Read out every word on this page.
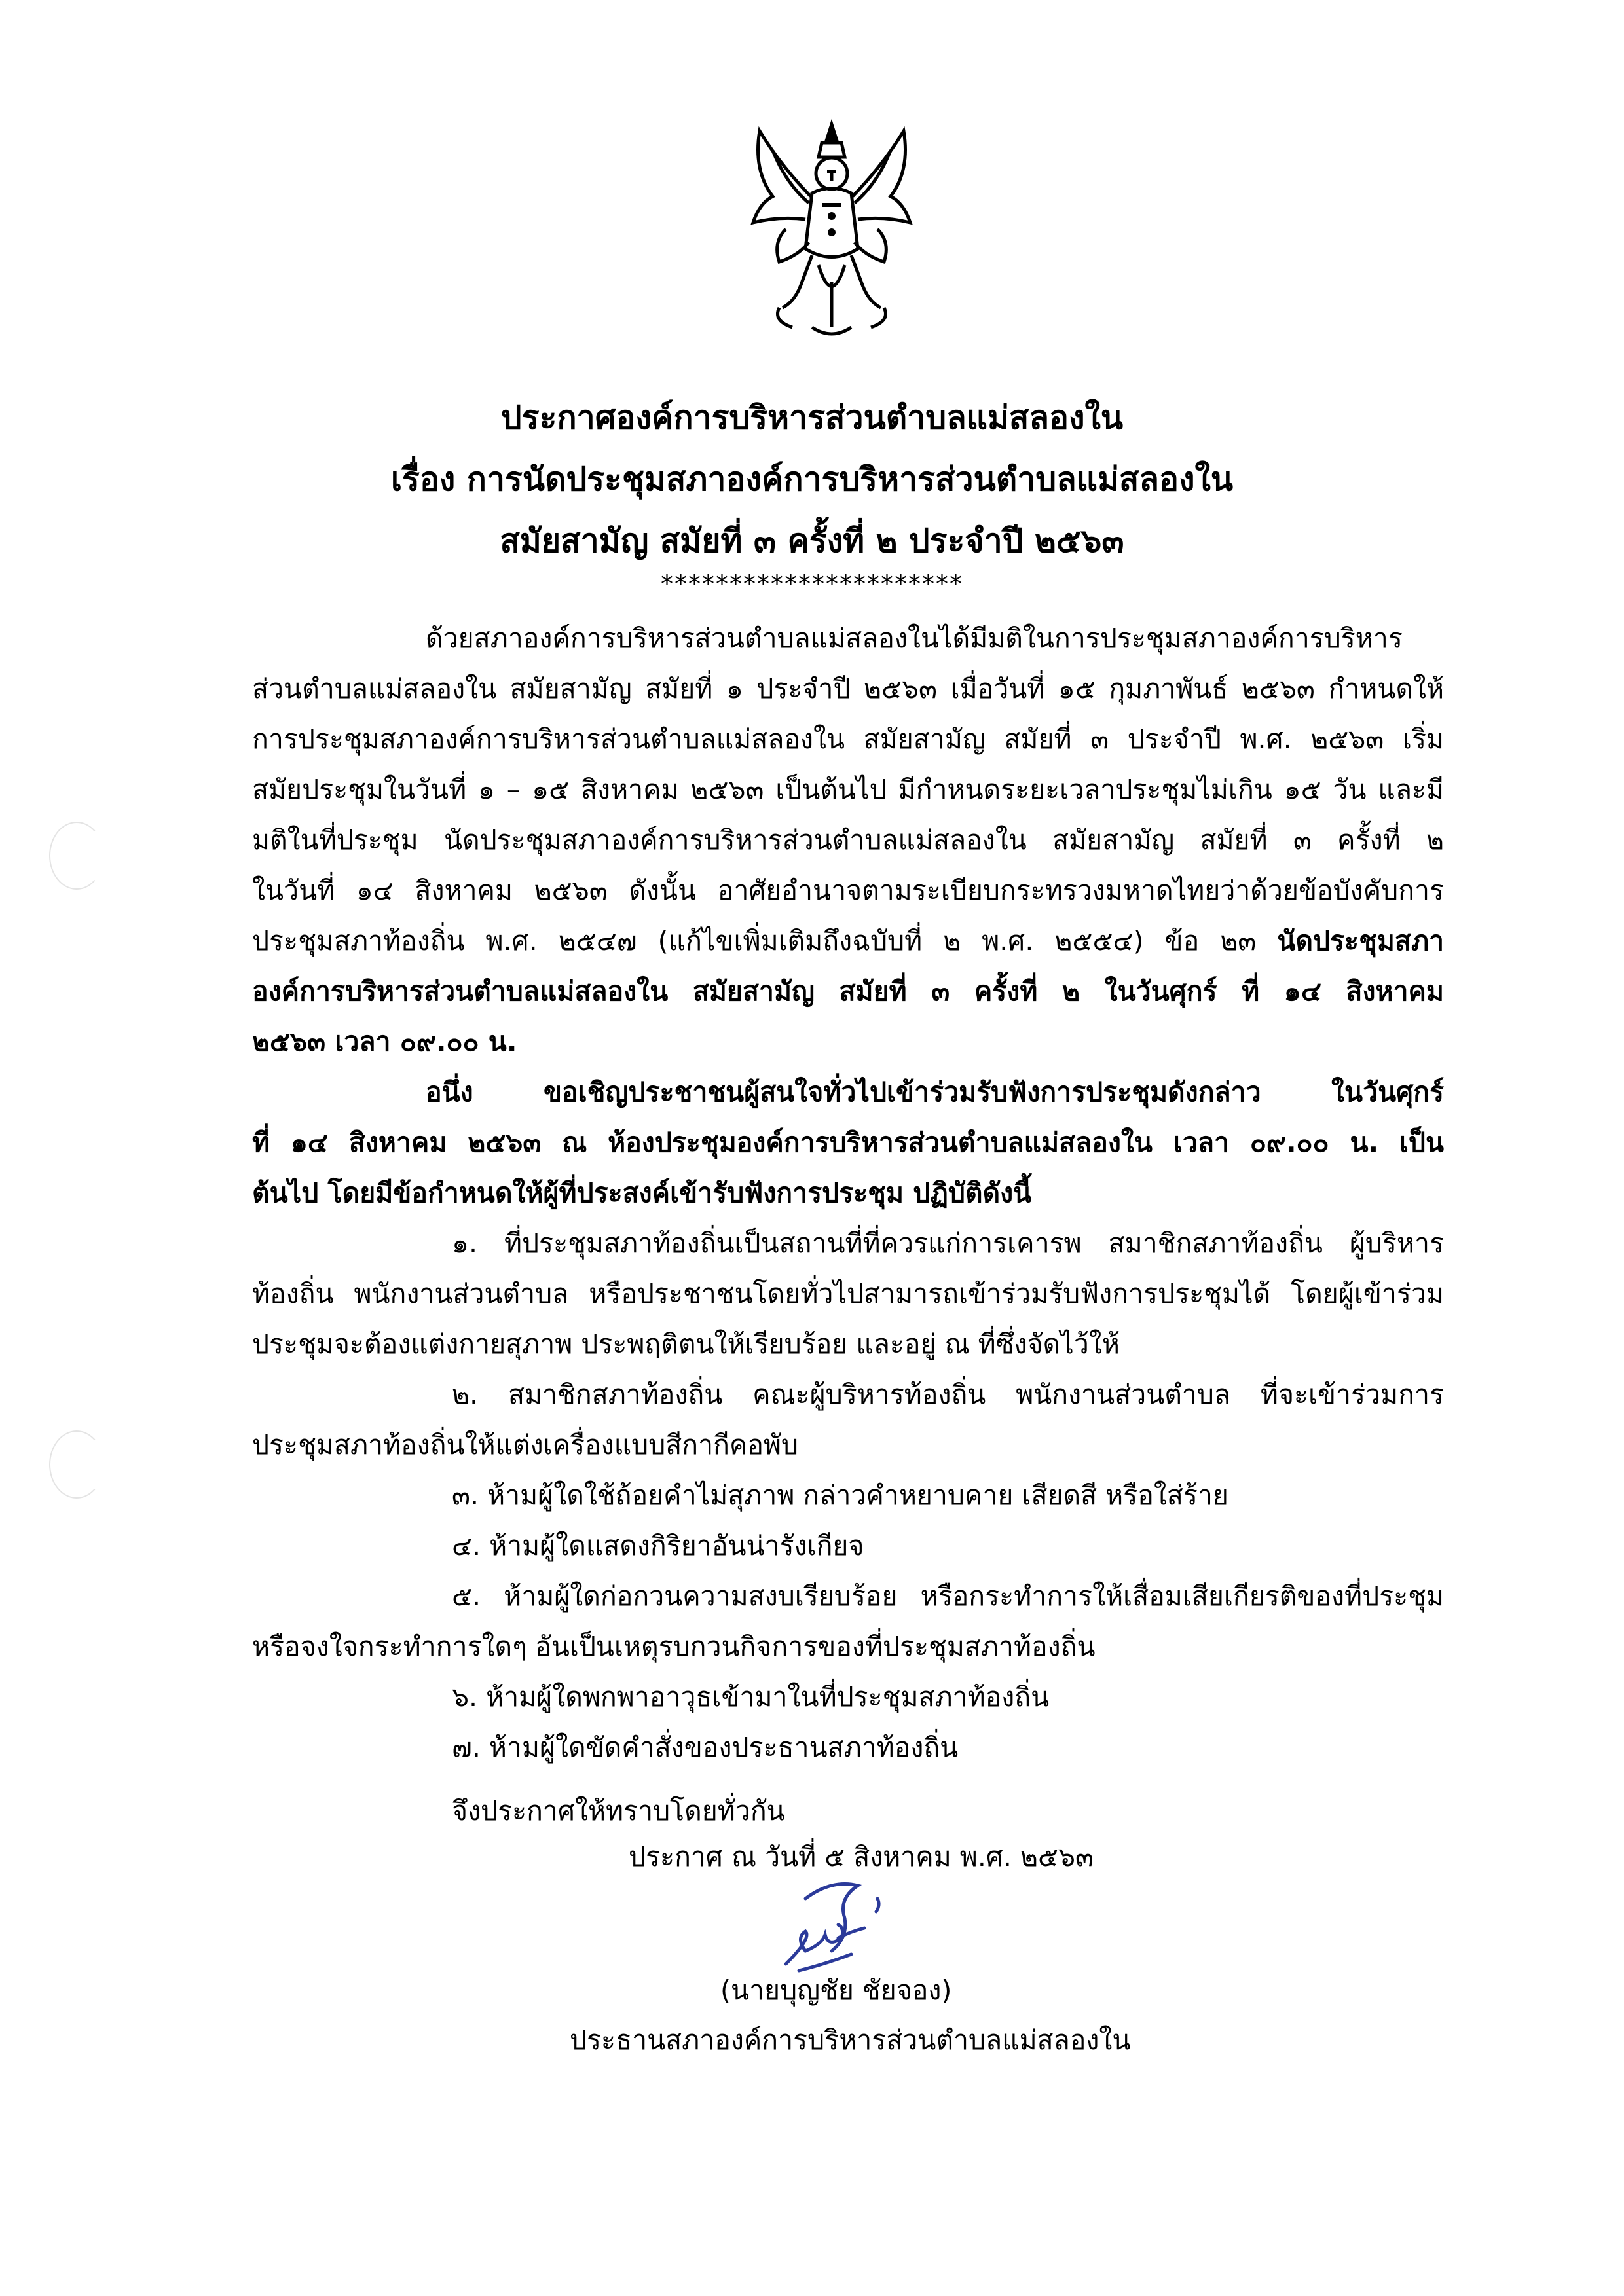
ประกาศองค์การบริหารส่วนตำบลแม่สลองใน
เรื่อง การนัดประชุมสภาองค์การบริหารส่วนตำบลแม่สลองใน
สมัยสามัญ สมัยที่ ๓ ครั้งที่ ๒ ประจำปี ๒๕๖๓
**********************
ด้วยสภาองค์การบริหารส่วนตำบลแม่สลองในได้มีมติในการประชุมสภาองค์การบริหาร
ส่วนตำบลแม่สลองใน สมัยสามัญ สมัยที่ ๑ ประจำปี ๒๕๖๓ เมื่อวันที่ ๑๕ กุมภาพันธ์ ๒๕๖๓ กำหนดให้
การประชุมสภาองค์การบริหารส่วนตำบลแม่สลองใน สมัยสามัญ สมัยที่ ๓ ประจำปี พ.ศ. ๒๕๖๓ เริ่ม
สมัยประชุมในวันที่ ๑ – ๑๕ สิงหาคม ๒๕๖๓ เป็นต้นไป มีกำหนดระยะเวลาประชุมไม่เกิน ๑๕ วัน และมี
มติในที่ประชุม นัดประชุมสภาองค์การบริหารส่วนตำบลแม่สลองใน สมัยสามัญ สมัยที่ ๓ ครั้งที่ ๒
ในวันที่ ๑๔ สิงหาคม ๒๕๖๓ ดังนั้น อาศัยอำนาจตามระเบียบกระทรวงมหาดไทยว่าด้วยข้อบังคับการ
ประชุมสภาท้องถิ่น พ.ศ. ๒๕๔๗ (แก้ไขเพิ่มเติมถึงฉบับที่ ๒ พ.ศ. ๒๕๕๔) ข้อ ๒๓ นัดประชุมสภา
องค์การบริหารส่วนตำบลแม่สลองใน สมัยสามัญ สมัยที่ ๓ ครั้งที่ ๒ ในวันศุกร์ ที่ ๑๔ สิงหาคม
๒๕๖๓ เวลา ๐๙.๐๐ น.
อนึ่ง ขอเชิญประชาชนผู้สนใจทั่วไปเข้าร่วมรับฟังการประชุมดังกล่าว ในวันศุกร์
ที่ ๑๔ สิงหาคม ๒๕๖๓ ณ ห้องประชุมองค์การบริหารส่วนตำบลแม่สลองใน เวลา ๐๙.๐๐ น. เป็น
ต้นไป โดยมีข้อกำหนดให้ผู้ที่ประสงค์เข้ารับฟังการประชุม ปฏิบัติดังนี้
๑. ที่ประชุมสภาท้องถิ่นเป็นสถานที่ที่ควรแก่การเคารพ สมาชิกสภาท้องถิ่น ผู้บริหาร
ท้องถิ่น พนักงานส่วนตำบล หรือประชาชนโดยทั่วไปสามารถเข้าร่วมรับฟังการประชุมได้ โดยผู้เข้าร่วม
ประชุมจะต้องแต่งกายสุภาพ ประพฤติตนให้เรียบร้อย และอยู่ ณ ที่ซึ่งจัดไว้ให้
๒. สมาชิกสภาท้องถิ่น คณะผู้บริหารท้องถิ่น พนักงานส่วนตำบล ที่จะเข้าร่วมการ
ประชุมสภาท้องถิ่นให้แต่งเครื่องแบบสีกากีคอพับ
๓. ห้ามผู้ใดใช้ถ้อยคำไม่สุภาพ กล่าวคำหยาบคาย เสียดสี หรือใส่ร้าย
๔. ห้ามผู้ใดแสดงกิริยาอันน่ารังเกียจ
๕. ห้ามผู้ใดก่อกวนความสงบเรียบร้อย หรือกระทำการให้เสื่อมเสียเกียรติของที่ประชุม
หรือจงใจกระทำการใดๆ อันเป็นเหตุรบกวนกิจการของที่ประชุมสภาท้องถิ่น
๖. ห้ามผู้ใดพกพาอาวุธเข้ามาในที่ประชุมสภาท้องถิ่น
๗. ห้ามผู้ใดขัดคำสั่งของประธานสภาท้องถิ่น
จึงประกาศให้ทราบโดยทั่วกัน
ประกาศ ณ วันที่ ๕ สิงหาคม พ.ศ. ๒๕๖๓
(นายบุญชัย ชัยจอง)
ประธานสภาองค์การบริหารส่วนตำบลแม่สลองใน
